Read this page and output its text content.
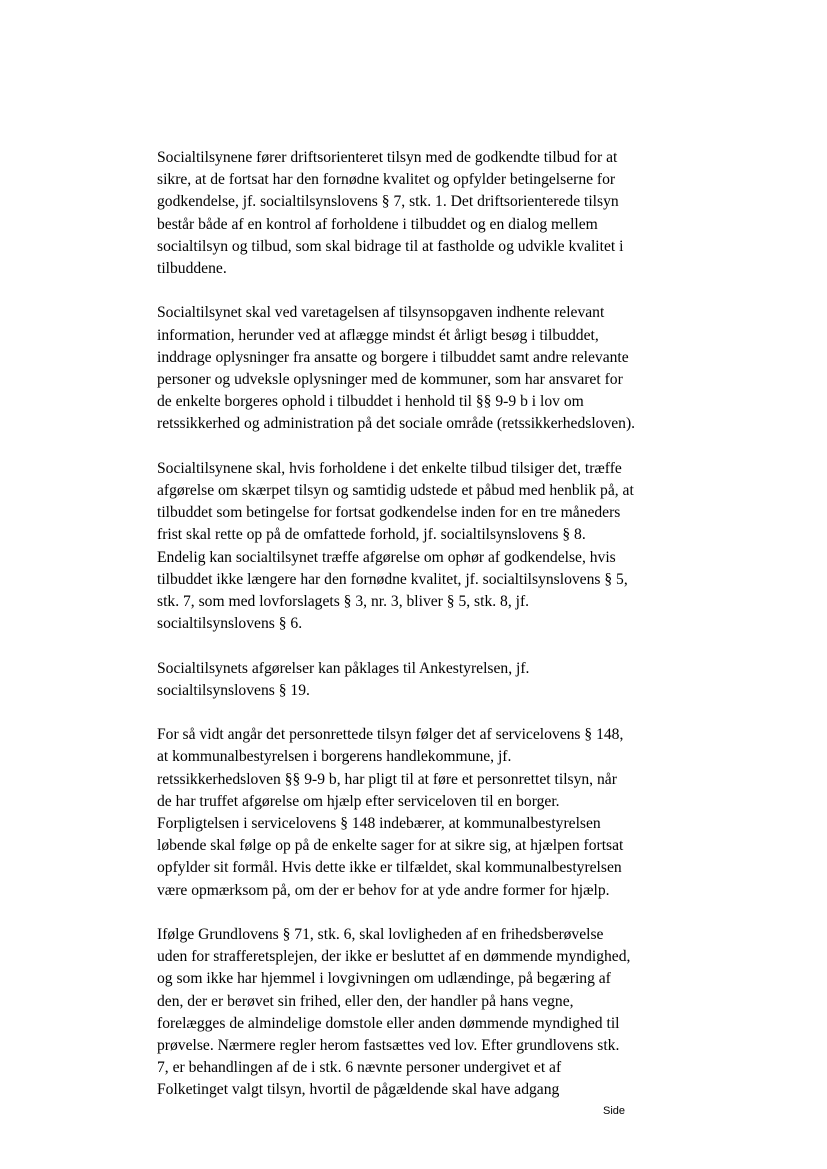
Socialtilsynene fører driftsorienteret tilsyn med de godkendte tilbud for at
sikre, at de fortsat har den fornødne kvalitet og opfylder betingelserne for
godkendelse, jf. socialtilsynslovens § 7, stk. 1. Det driftsorienterede tilsyn
består både af en kontrol af forholdene i tilbuddet og en dialog mellem
socialtilsyn og tilbud, som skal bidrage til at fastholde og udvikle kvalitet i
tilbuddene.

Socialtilsynet skal ved varetagelsen af tilsynsopgaven indhente relevant
information, herunder ved at aflægge mindst ét årligt besøg i tilbuddet,
inddrage oplysninger fra ansatte og borgere i tilbuddet samt andre relevante
personer og udveksle oplysninger med de kommuner, som har ansvaret for
de enkelte borgeres ophold i tilbuddet i henhold til §§ 9-9 b i lov om
retssikkerhed og administration på det sociale område (retssikkerhedsloven).

Socialtilsynene skal, hvis forholdene i det enkelte tilbud tilsiger det, træffe
afgørelse om skærpet tilsyn og samtidig udstede et påbud med henblik på, at
tilbuddet som betingelse for fortsat godkendelse inden for en tre måneders
frist skal rette op på de omfattede forhold, jf. socialtilsynslovens § 8.
Endelig kan socialtilsynet træffe afgørelse om ophør af godkendelse, hvis
tilbuddet ikke længere har den fornødne kvalitet, jf. socialtilsynslovens § 5,
stk. 7, som med lovforslagets § 3, nr. 3, bliver § 5, stk. 8, jf.
socialtilsynslovens § 6.

Socialtilsynets afgørelser kan påklages til Ankestyrelsen, jf.
socialtilsynslovens § 19.

For så vidt angår det personrettede tilsyn følger det af servicelovens § 148,
at kommunalbestyrelsen i borgerens handlekommune, jf.
retssikkerhedsloven §§ 9-9 b, har pligt til at føre et personrettet tilsyn, når
de har truffet afgørelse om hjælp efter serviceloven til en borger.
Forpligtelsen i servicelovens § 148 indebærer, at kommunalbestyrelsen
løbende skal følge op på de enkelte sager for at sikre sig, at hjælpen fortsat
opfylder sit formål. Hvis dette ikke er tilfældet, skal kommunalbestyrelsen
være opmærksom på, om der er behov for at yde andre former for hjælp.

Ifølge Grundlovens § 71, stk. 6, skal lovligheden af en frihedsberøvelse
uden for strafferetsplejen, der ikke er besluttet af en dømmende myndighed,
og som ikke har hjemmel i lovgivningen om udlændinge, på begæring af
den, der er berøvet sin frihed, eller den, der handler på hans vegne,
forelægges de almindelige domstole eller anden dømmende myndighed til
prøvelse. Nærmere regler herom fastsættes ved lov. Efter grundlovens stk.
7, er behandlingen af de i stk. 6 nævnte personer undergivet et af
Folketinget valgt tilsyn, hvortil de pågældende skal have adgang

Side
